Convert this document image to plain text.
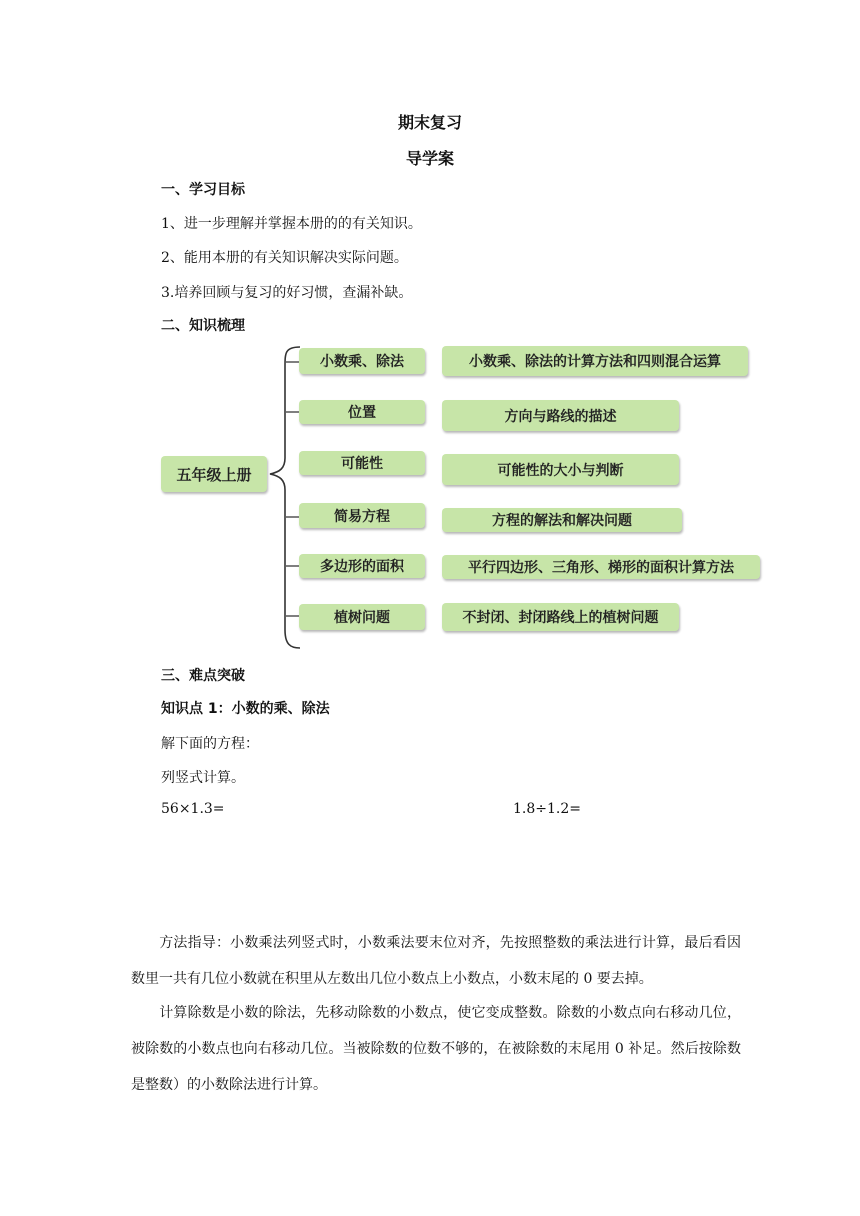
期末复习
导学案
一、学习目标
1、进一步理解并掌握本册的的有关知识。
2、能用本册的有关知识解决实际问题。
3.培养回顾与复习的好习惯，查漏补缺。
二、知识梳理
五年级上册
小数乘、除法
位置
可能性
简易方程
多边形的面积
植树问题
小数乘、除法的计算方法和四则混合运算
方向与路线的描述
可能性的大小与判断
方程的解法和解决问题
平行四边形、三角形、梯形的面积计算方法
不封闭、封闭路线上的植树问题
三、难点突破
知识点 1：小数的乘、除法
解下面的方程：
列竖式计算。
56×1.3=	1.8÷1.2=
方法指导：小数乘法列竖式时，小数乘法要末位对齐，先按照整数的乘法进行计算，最后看因数里一共有几位小数就在积里从左数出几位小数点上小数点，小数末尾的 0 要去掉。
计算除数是小数的除法，先移动除数的小数点，使它变成整数。除数的小数点向右移动几位，被除数的小数点也向右移动几位。当被除数的位数不够的，在被除数的末尾用 0 补足。然后按除数是整数）的小数除法进行计算。
